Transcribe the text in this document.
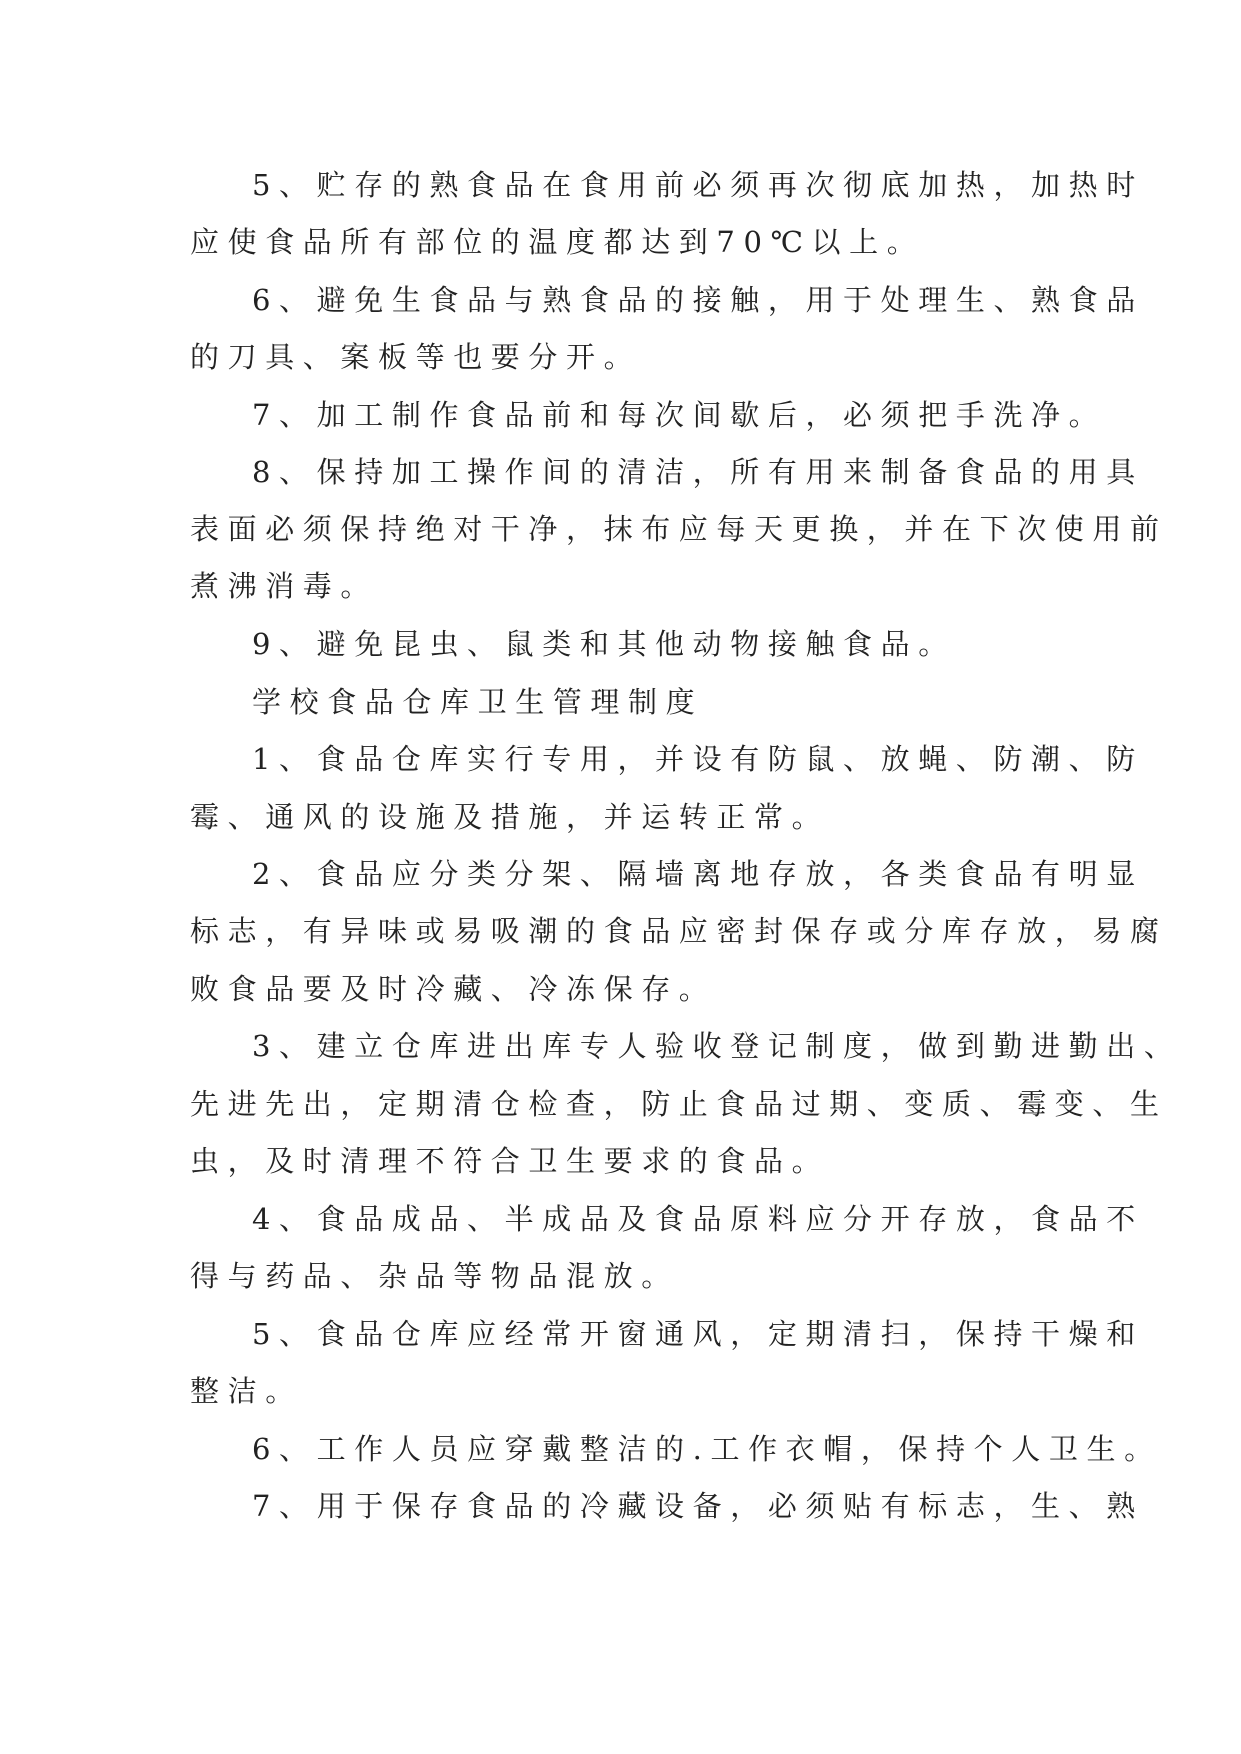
5、贮存的熟食品在食用前必须再次彻底加热，加热时
应使食品所有部位的温度都达到70℃以上。
6、避免生食品与熟食品的接触，用于处理生、熟食品
的刀具、案板等也要分开。
7、加工制作食品前和每次间歇后，必须把手洗净。
8、保持加工操作间的清洁，所有用来制备食品的用具
表面必须保持绝对干净，抹布应每天更换，并在下次使用前
煮沸消毒。
9、避免昆虫、鼠类和其他动物接触食品。
学校食品仓库卫生管理制度
1、食品仓库实行专用，并设有防鼠、放蝇、防潮、防
霉、通风的设施及措施，并运转正常。
2、食品应分类分架、隔墙离地存放，各类食品有明显
标志，有异味或易吸潮的食品应密封保存或分库存放，易腐
败食品要及时冷藏、冷冻保存。
3、建立仓库进出库专人验收登记制度，做到勤进勤出、
先进先出，定期清仓检查，防止食品过期、变质、霉变、生
虫，及时清理不符合卫生要求的食品。
4、食品成品、半成品及食品原料应分开存放，食品不
得与药品、杂品等物品混放。
5、食品仓库应经常开窗通风，定期清扫，保持干燥和
整洁。
6、工作人员应穿戴整洁的.工作衣帽，保持个人卫生。
7、用于保存食品的冷藏设备，必须贴有标志，生、熟
